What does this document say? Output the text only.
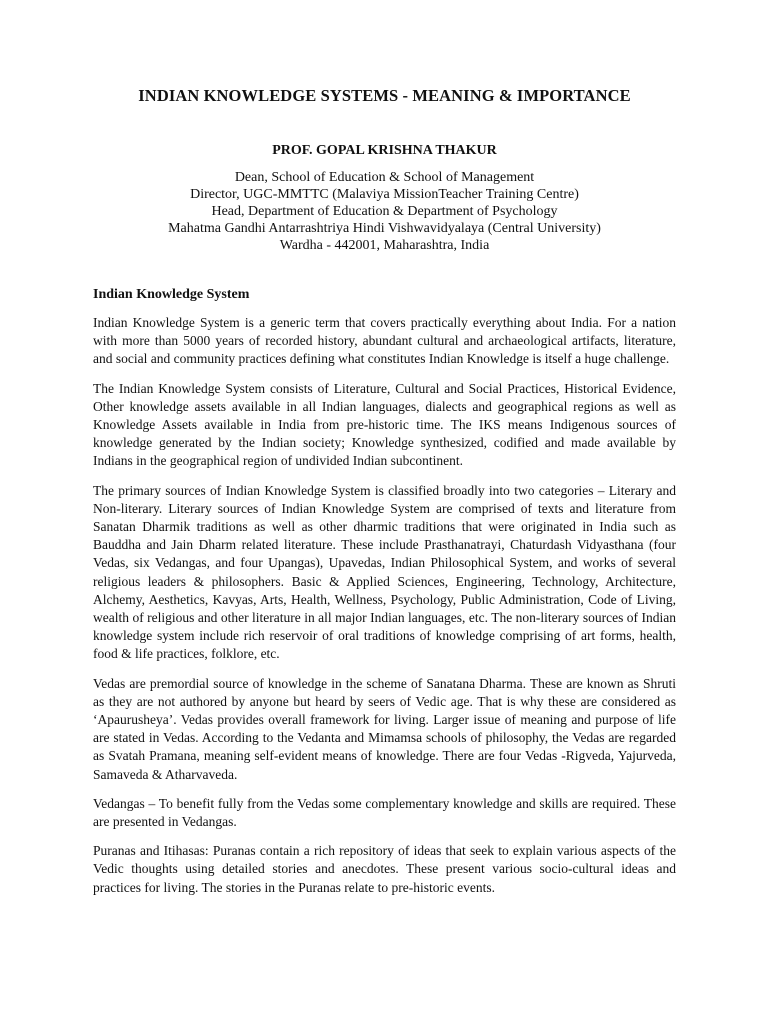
INDIAN KNOWLEDGE SYSTEMS - MEANING & IMPORTANCE
PROF. GOPAL KRISHNA THAKUR
Dean, School of Education & School of Management
Director, UGC-MMTTC (Malaviya MissionTeacher Training Centre)
Head, Department of Education & Department of Psychology
Mahatma Gandhi Antarrashtriya Hindi Vishwavidyalaya (Central University)
Wardha - 442001, Maharashtra, India
Indian Knowledge System

Indian Knowledge System is a generic term that covers practically everything about India. For a nation with more than 5000 years of recorded history, abundant cultural and archaeological artifacts, literature, and social and community practices defining what constitutes Indian Knowledge is itself a huge challenge.

The Indian Knowledge System consists of Literature, Cultural and Social Practices, Historical Evidence, Other knowledge assets available in all Indian languages, dialects and geographical regions as well as Knowledge Assets available in India from pre-historic time. The IKS means Indigenous sources of knowledge generated by the Indian society; Knowledge synthesized, codified and made available by Indians in the geographical region of undivided Indian subcontinent.

The primary sources of Indian Knowledge System is classified broadly into two categories – Literary and Non-literary. Literary sources of Indian Knowledge System are comprised of texts and literature from Sanatan Dharmik traditions as well as other dharmic traditions that were originated in India such as Bauddha and Jain Dharm related literature. These include Prasthanatrayi, Chaturdash Vidyasthana (four Vedas, six Vedangas, and four Upangas), Upavedas, Indian Philosophical System, and works of several religious leaders & philosophers. Basic & Applied Sciences, Engineering, Technology, Architecture, Alchemy, Aesthetics, Kavyas, Arts, Health, Wellness, Psychology, Public Administration, Code of Living, wealth of religious and other literature in all major Indian languages, etc. The non-literary sources of Indian knowledge system include rich reservoir of oral traditions of knowledge comprising of art forms, health, food & life practices, folklore, etc.

Vedas are premordial source of knowledge in the scheme of Sanatana Dharma. These are known as Shruti as they are not authored by anyone but heard by seers of Vedic age. That is why these are considered as ‘Apaurusheya’. Vedas provides overall framework for living. Larger issue of meaning and purpose of life are stated in Vedas. According to the Vedanta and Mimamsa schools of philosophy, the Vedas are regarded as Svatah Pramana, meaning self-evident means of knowledge. There are four Vedas -Rigveda, Yajurveda, Samaveda & Atharvaveda.

Vedangas – To benefit fully from the Vedas some complementary knowledge and skills are required. These are presented in Vedangas.

Puranas and Itihasas: Puranas contain a rich repository of ideas that seek to explain various aspects of the Vedic thoughts using detailed stories and anecdotes. These present various socio-cultural ideas and practices for living. The stories in the Puranas relate to pre-historic events.
